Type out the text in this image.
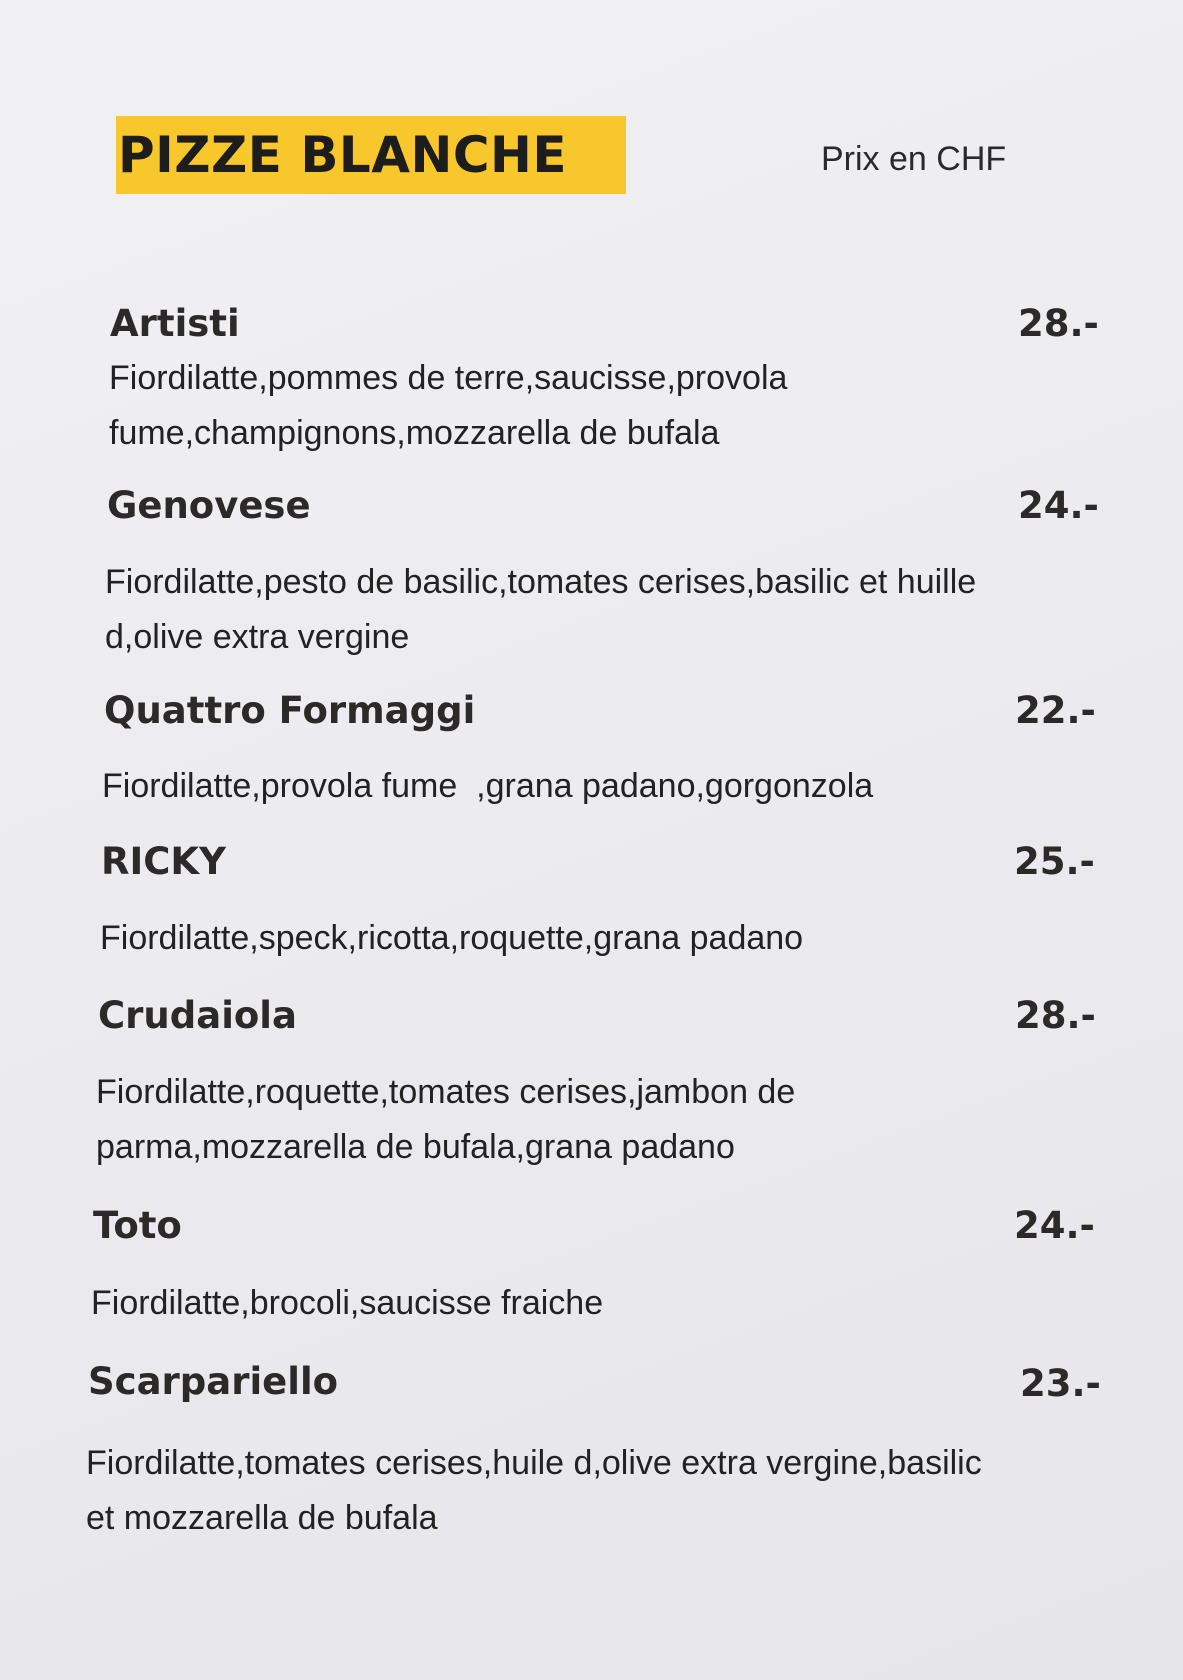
PIZZE BLANCHE	Prix en CHF
Artisti	28.-
Fiordilatte,pommes de terre,saucisse,provola
fume,champignons,mozzarella de bufala
Genovese	24.-
Fiordilatte,pesto de basilic,tomates cerises,basilic et huille
d,olive extra vergine
Quattro Formaggi	22.-
Fiordilatte,provola fume  ,grana padano,gorgonzola
RICKY	25.-
Fiordilatte,speck,ricotta,roquette,grana padano
Crudaiola	28.-
Fiordilatte,roquette,tomates cerises,jambon de
parma,mozzarella de bufala,grana padano
Toto	24.-
Fiordilatte,brocoli,saucisse fraiche
Scarpariello	23.-
Fiordilatte,tomates cerises,huile d,olive extra vergine,basilic
et mozzarella de bufala
